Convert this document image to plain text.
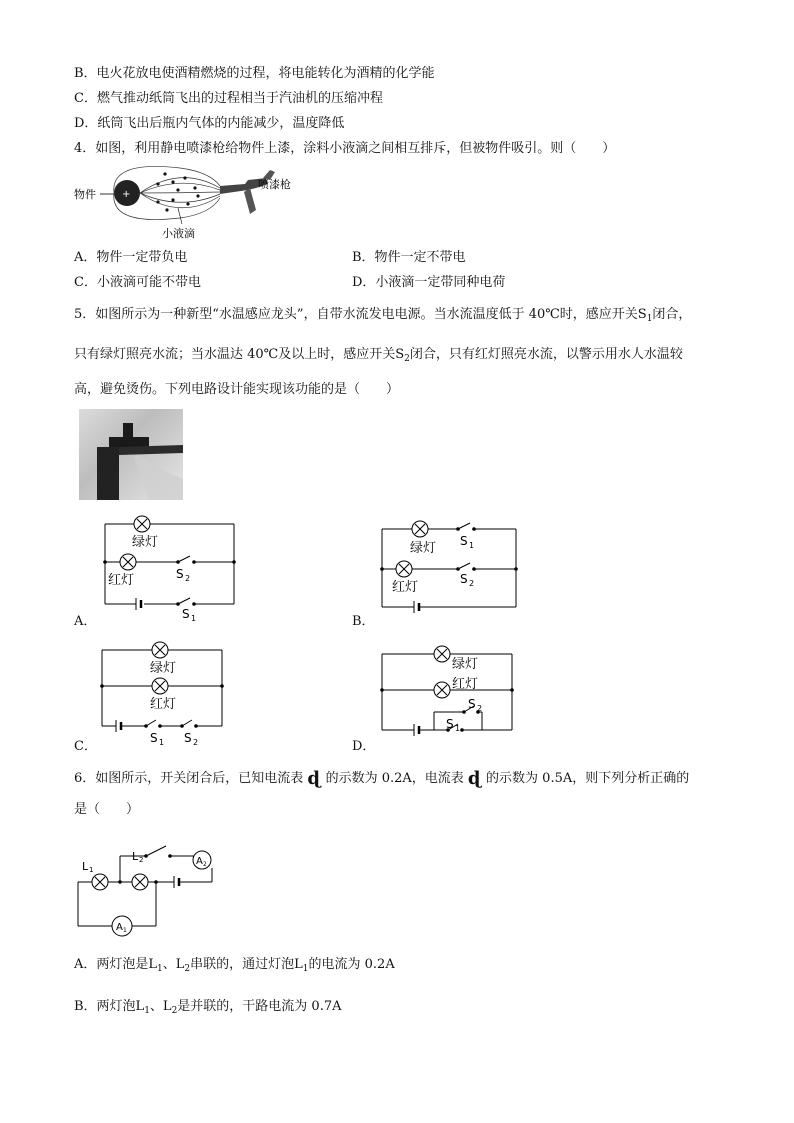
B．电火花放电使酒精燃烧的过程，将电能转化为酒精的化学能
C．燃气推动纸筒飞出的过程相当于汽油机的压缩冲程
D．纸筒飞出后瓶内气体的内能减少，温度降低
4．如图，利用静电喷漆枪给物件上漆，涂料小液滴之间相互排斥，但被物件吸引。则（　　）
物件	+
喷漆枪
小液滴
A．物件一定带负电	B．物件一定不带电
C．小液滴可能不带电	D．小液滴一定带同种电荷
5．如图所示为一种新型“水温感应龙头”，自带水流发电电源。当水流温度低于 40℃时，感应开关$S_1$闭合，
只有绿灯照亮水流；当水温达 40℃及以上时，感应开关$S_2$闭合，只有红灯照亮水流，以警示用水人水温较
高，避免烫伤。下列电路设计能实现该功能的是（　　）
绿灯
红灯	S 2
S 1
A．
绿灯
红灯
S 1
S 2
B．
绿灯
红灯
S 1 S 2
C．
绿灯
红灯
S 2
S 1
D．
6．如图所示，开关闭合后，已知电流表 ɖ 的示数为 0.2A，电流表 ɖ 的示数为 0.5A，则下列分析正确的
是（　　）
A 2
A 1
L 1
L 2
A．两灯泡是$L_1$、$L_2$串联的，通过灯泡$L_1$的电流为 0.2A
B．两灯泡$L_1$、$L_2$是并联的，干路电流为 0.7A
